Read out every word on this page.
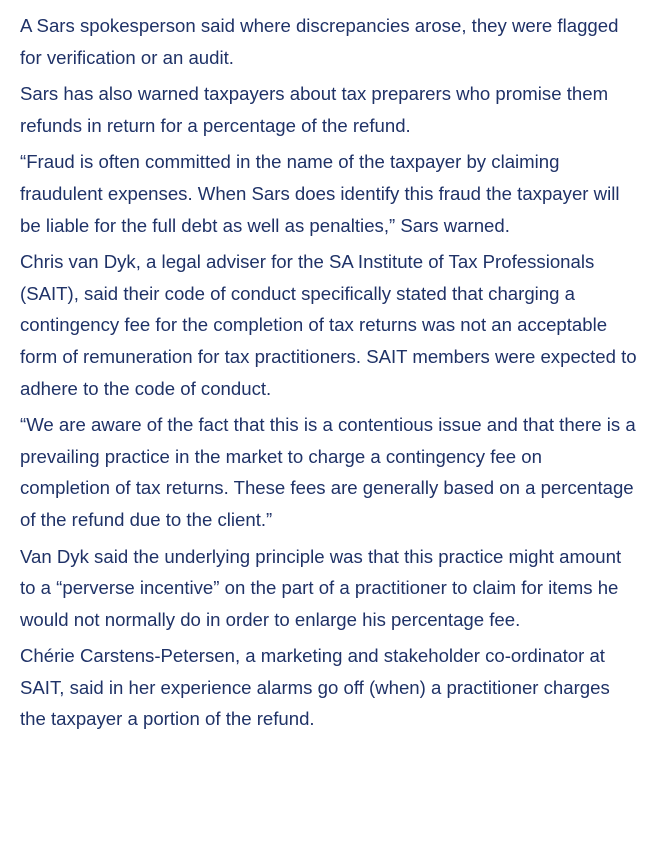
A Sars spokesperson said where discrepancies arose, they were flagged for verification or an audit.

Sars has also warned taxpayers about tax preparers who promise them refunds in return for a percentage of the refund.

“Fraud is often committed in the name of the taxpayer by claiming fraudulent expenses. When Sars does identify this fraud the taxpayer will be liable for the full debt as well as penalties,” Sars warned.

Chris van Dyk, a legal adviser for the SA Institute of Tax Professionals (SAIT), said their code of conduct specifically stated that charging a contingency fee for the completion of tax returns was not an acceptable form of remuneration for tax practitioners. SAIT members were expected to adhere to the code of conduct.

“We are aware of the fact that this is a contentious issue and that there is a prevailing practice in the market to charge a contingency fee on completion of tax returns. These fees are generally based on a percentage of the refund due to the client.”

Van Dyk said the underlying principle was that this practice might amount to a “perverse incentive” on the part of a practitioner to claim for items he would not normally do in order to enlarge his percentage fee.

Chérie Carstens-Petersen, a marketing and stakeholder co-ordinator at SAIT, said in her experience alarms go off (when) a practitioner charges the taxpayer a portion of the refund.
